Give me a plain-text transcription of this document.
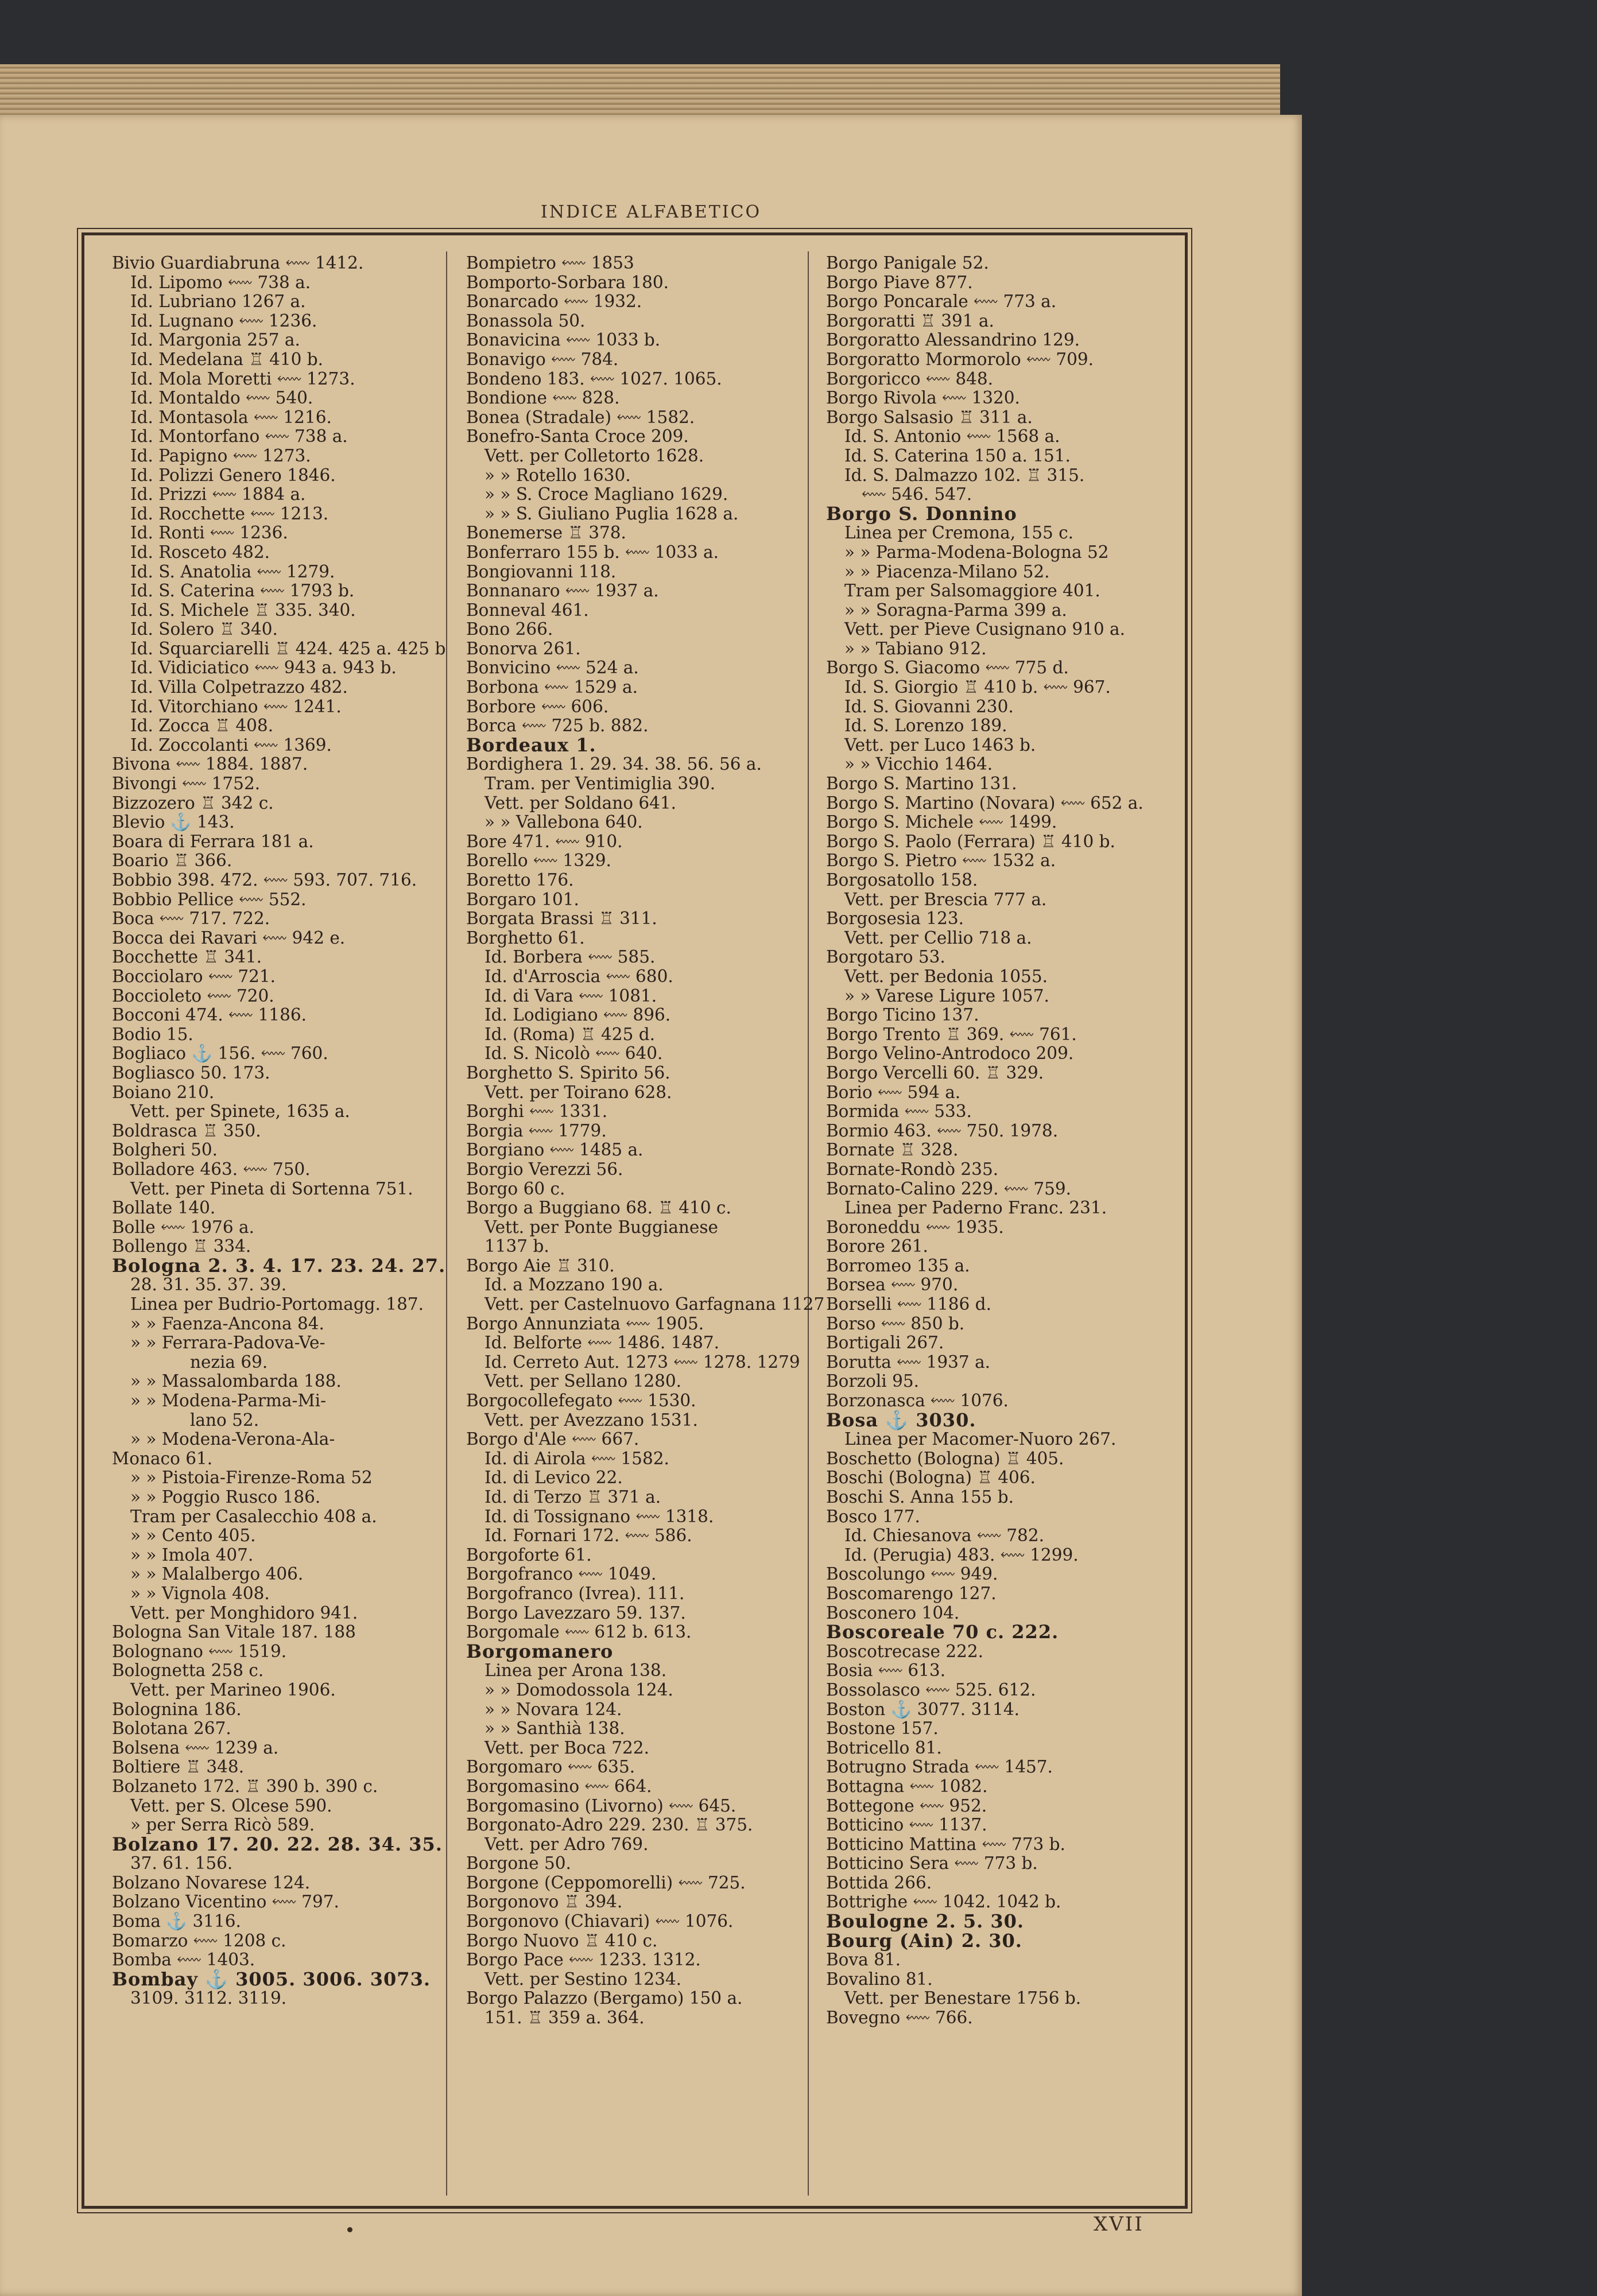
INDICE ALFABETICO
Bivio Guardiabruna ⬳ 1412.
Id. Lipomo ⬳ 738 a.
Id. Lubriano 1267 a.
Id. Lugnano ⬳ 1236.
Id. Margonia 257 a.
Id. Medelana ♖ 410 b.
Id. Mola Moretti ⬳ 1273.
Id. Montaldo ⬳ 540.
Id. Montasola ⬳ 1216.
Id. Montorfano ⬳ 738 a.
Id. Papigno ⬳ 1273.
Id. Polizzi Genero 1846.
Id. Prizzi ⬳ 1884 a.
Id. Rocchette ⬳ 1213.
Id. Ronti ⬳ 1236.
Id. Rosceto 482.
Id. S. Anatolia ⬳ 1279.
Id. S. Caterina ⬳ 1793 b.
Id. S. Michele ♖ 335. 340.
Id. Solero ♖ 340.
Id. Squarciarelli ♖ 424. 425 a. 425 b
Id. Vidiciatico ⬳ 943 a. 943 b.
Id. Villa Colpetrazzo 482.
Id. Vitorchiano ⬳ 1241.
Id. Zocca ♖ 408.
Id. Zoccolanti ⬳ 1369.
Bivona ⬳ 1884. 1887.
Bivongi ⬳ 1752.
Bizzozero ♖ 342 c.
Blevio ⚓ 143.
Boara di Ferrara 181 a.
Boario ♖ 366.
Bobbio 398. 472. ⬳ 593. 707. 716.
Bobbio Pellice ⬳ 552.
Boca ⬳ 717. 722.
Bocca dei Ravari ⬳ 942 e.
Bocchette ♖ 341.
Bocciolaro ⬳ 721.
Boccioleto ⬳ 720.
Bocconi 474. ⬳ 1186.
Bodio 15.
Bogliaco ⚓ 156. ⬳ 760.
Bogliasco 50. 173.
Boiano 210.
Vett. per Spinete, 1635 a.
Boldrasca ♖ 350.
Bolgheri 50.
Bolladore 463. ⬳ 750.
Vett. per Pineta di Sortenna 751.
Bollate 140.
Bolle ⬳ 1976 a.
Bollengo ♖ 334.
Bologna 2. 3. 4. 17. 23. 24. 27.
28. 31. 35. 37. 39.
Linea per Budrio-Portomagg. 187.
» » Faenza-Ancona 84.
» » Ferrara-Padova-Ve-
nezia 69.
» » Massalombarda 188.
» » Modena-Parma-Mi-
lano 52.
» » Modena-Verona-Ala-
Monaco 61.
» » Pistoia-Firenze-Roma 52
» » Poggio Rusco 186.
Tram per Casalecchio 408 a.
» » Cento 405.
» » Imola 407.
» » Malalbergo 406.
» » Vignola 408.
Vett. per Monghidoro 941.
Bologna San Vitale 187. 188
Bolognano ⬳ 1519.
Bolognetta 258 c.
Vett. per Marineo 1906.
Bolognina 186.
Bolotana 267.
Bolsena ⬳ 1239 a.
Boltiere ♖ 348.
Bolzaneto 172. ♖ 390 b. 390 c.
Vett. per S. Olcese 590.
» per Serra Ricò 589.
Bolzano 17. 20. 22. 28. 34. 35.
37. 61. 156.
Bolzano Novarese 124.
Bolzano Vicentino ⬳ 797.
Boma ⚓ 3116.
Bomarzo ⬳ 1208 c.
Bomba ⬳ 1403.
Bombay ⚓ 3005. 3006. 3073.
3109. 3112. 3119.
Bompietro ⬳ 1853
Bomporto-Sorbara 180.
Bonarcado ⬳ 1932.
Bonassola 50.
Bonavicina ⬳ 1033 b.
Bonavigo ⬳ 784.
Bondeno 183. ⬳ 1027. 1065.
Bondione ⬳ 828.
Bonea (Stradale) ⬳ 1582.
Bonefro-Santa Croce 209.
Vett. per Colletorto 1628.
» » Rotello 1630.
» » S. Croce Magliano 1629.
» » S. Giuliano Puglia 1628 a.
Bonemerse ♖ 378.
Bonferraro 155 b. ⬳ 1033 a.
Bongiovanni 118.
Bonnanaro ⬳ 1937 a.
Bonneval 461.
Bono 266.
Bonorva 261.
Bonvicino ⬳ 524 a.
Borbona ⬳ 1529 a.
Borbore ⬳ 606.
Borca ⬳ 725 b. 882.
Bordeaux 1.
Bordighera 1. 29. 34. 38. 56. 56 a.
Tram. per Ventimiglia 390.
Vett. per Soldano 641.
» » Vallebona 640.
Bore 471. ⬳ 910.
Borello ⬳ 1329.
Boretto 176.
Borgaro 101.
Borgata Brassi ♖ 311.
Borghetto 61.
Id. Borbera ⬳ 585.
Id. d'Arroscia ⬳ 680.
Id. di Vara ⬳ 1081.
Id. Lodigiano ⬳ 896.
Id. (Roma) ♖ 425 d.
Id. S. Nicolò ⬳ 640.
Borghetto S. Spirito 56.
Vett. per Toirano 628.
Borghi ⬳ 1331.
Borgia ⬳ 1779.
Borgiano ⬳ 1485 a.
Borgio Verezzi 56.
Borgo 60 c.
Borgo a Buggiano 68. ♖ 410 c.
Vett. per Ponte Buggianese
1137 b.
Borgo Aie ♖ 310.
Id. a Mozzano 190 a.
Vett. per Castelnuovo Garfagnana 1127
Borgo Annunziata ⬳ 1905.
Id. Belforte ⬳ 1486. 1487.
Id. Cerreto Aut. 1273 ⬳ 1278. 1279
Vett. per Sellano 1280.
Borgocollefegato ⬳ 1530.
Vett. per Avezzano 1531.
Borgo d'Ale ⬳ 667.
Id. di Airola ⬳ 1582.
Id. di Levico 22.
Id. di Terzo ♖ 371 a.
Id. di Tossignano ⬳ 1318.
Id. Fornari 172. ⬳ 586.
Borgoforte 61.
Borgofranco ⬳ 1049.
Borgofranco (Ivrea). 111.
Borgo Lavezzaro 59. 137.
Borgomale ⬳ 612 b. 613.
Borgomanero
Linea per Arona 138.
» » Domodossola 124.
» » Novara 124.
» » Santhià 138.
Vett. per Boca 722.
Borgomaro ⬳ 635.
Borgomasino ⬳ 664.
Borgomasino (Livorno) ⬳ 645.
Borgonato-Adro 229. 230. ♖ 375.
Vett. per Adro 769.
Borgone 50.
Borgone (Ceppomorelli) ⬳ 725.
Borgonovo ♖ 394.
Borgonovo (Chiavari) ⬳ 1076.
Borgo Nuovo ♖ 410 c.
Borgo Pace ⬳ 1233. 1312.
Vett. per Sestino 1234.
Borgo Palazzo (Bergamo) 150 a.
151. ♖ 359 a. 364.
Borgo Panigale 52.
Borgo Piave 877.
Borgo Poncarale ⬳ 773 a.
Borgoratti ♖ 391 a.
Borgoratto Alessandrino 129.
Borgoratto Mormorolo ⬳ 709.
Borgoricco ⬳ 848.
Borgo Rivola ⬳ 1320.
Borgo Salsasio ♖ 311 a.
Id. S. Antonio ⬳ 1568 a.
Id. S. Caterina 150 a. 151.
Id. S. Dalmazzo 102. ♖ 315.
⬳ 546. 547.
Borgo S. Donnino
Linea per Cremona, 155 c.
» » Parma-Modena-Bologna 52
» » Piacenza-Milano 52.
Tram per Salsomaggiore 401.
» » Soragna-Parma 399 a.
Vett. per Pieve Cusignano 910 a.
» » Tabiano 912.
Borgo S. Giacomo ⬳ 775 d.
Id. S. Giorgio ♖ 410 b. ⬳ 967.
Id. S. Giovanni 230.
Id. S. Lorenzo 189.
Vett. per Luco 1463 b.
» » Vicchio 1464.
Borgo S. Martino 131.
Borgo S. Martino (Novara) ⬳ 652 a.
Borgo S. Michele ⬳ 1499.
Borgo S. Paolo (Ferrara) ♖ 410 b.
Borgo S. Pietro ⬳ 1532 a.
Borgosatollo 158.
Vett. per Brescia 777 a.
Borgosesia 123.
Vett. per Cellio 718 a.
Borgotaro 53.
Vett. per Bedonia 1055.
» » Varese Ligure 1057.
Borgo Ticino 137.
Borgo Trento ♖ 369. ⬳ 761.
Borgo Velino-Antrodoco 209.
Borgo Vercelli 60. ♖ 329.
Borio ⬳ 594 a.
Bormida ⬳ 533.
Bormio 463. ⬳ 750. 1978.
Bornate ♖ 328.
Bornate-Rondò 235.
Bornato-Calino 229. ⬳ 759.
Linea per Paderno Franc. 231.
Boroneddu ⬳ 1935.
Borore 261.
Borromeo 135 a.
Borsea ⬳ 970.
Borselli ⬳ 1186 d.
Borso ⬳ 850 b.
Bortigali 267.
Borutta ⬳ 1937 a.
Borzoli 95.
Borzonasca ⬳ 1076.
Bosa ⚓ 3030.
Linea per Macomer-Nuoro 267.
Boschetto (Bologna) ♖ 405.
Boschi (Bologna) ♖ 406.
Boschi S. Anna 155 b.
Bosco 177.
Id. Chiesanova ⬳ 782.
Id. (Perugia) 483. ⬳ 1299.
Boscolungo ⬳ 949.
Boscomarengo 127.
Bosconero 104.
Boscoreale 70 c. 222.
Boscotrecase 222.
Bosia ⬳ 613.
Bossolasco ⬳ 525. 612.
Boston ⚓ 3077. 3114.
Bostone 157.
Botricello 81.
Botrugno Strada ⬳ 1457.
Bottagna ⬳ 1082.
Bottegone ⬳ 952.
Botticino ⬳ 1137.
Botticino Mattina ⬳ 773 b.
Botticino Sera ⬳ 773 b.
Bottida 266.
Bottrighe ⬳ 1042. 1042 b.
Boulogne 2. 5. 30.
Bourg (Ain) 2. 30.
Bova 81.
Bovalino 81.
Vett. per Benestare 1756 b.
Bovegno ⬳ 766.
XVII
